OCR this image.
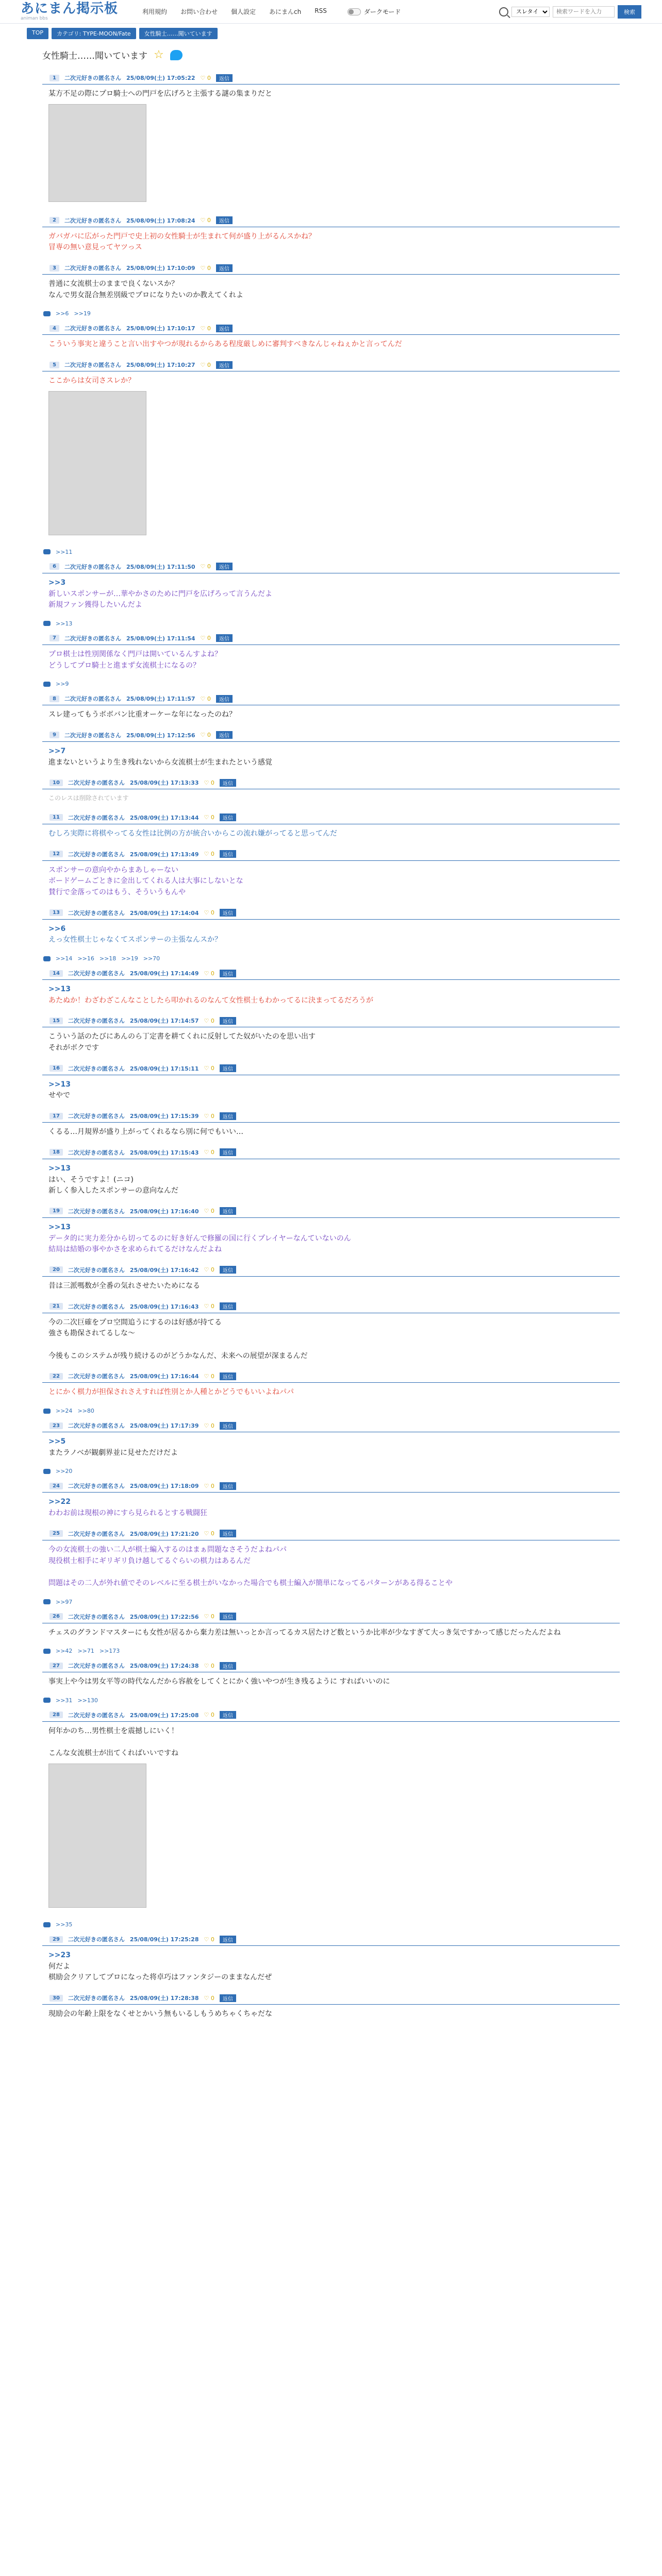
あにまん掲示板
animan bbs
利用規約 お問い合わせ 個人設定 あにまんch RSS	ダークモード
スレタイ
検索ワードを入力	検索
TOP	カテゴリ: TYPE-MOON/Fate	女性騎士……聞いています
女性騎士……聞いています ☆
1	二次元好きの匿名さん 25/08/09(土) 17:05:22 ♡ 0	返信
某方不足の際にプロ騎士への門戸を広げろと主張する謎の集まりだと
2	二次元好きの匿名さん 25/08/09(土) 17:08:24 ♡ 0	返信
ガバガバに広がった門戸で史上初の女性騎士が生まれて何が盛り上がるんスかね？
冒専の無い意見ってヤツっス
3	二次元好きの匿名さん 25/08/09(土) 17:10:09 ♡ 0	返信
普通に女流棋士のままで良くないスか？
なんで男女混合無差別級でプロになりたいのか教えてくれよ
>>6 >>19
4	二次元好きの匿名さん 25/08/09(土) 17:10:17 ♡ 0	返信
こういう事実と違うこと言い出すやつが現れるからある程度厳しめに審判すべきなんじゃねぇかと言ってんだ
5	二次元好きの匿名さん 25/08/09(土) 17:10:27 ♡ 0	返信
ここからは女司さスレか？
>>11
6	二次元好きの匿名さん 25/08/09(土) 17:11:50 ♡ 0	返信
>>3
新しいスポンサーが…華やかさのために門戸を広げろって言うんだよ
新規ファン獲得したいんだよ
>>13
7	二次元好きの匿名さん 25/08/09(土) 17:11:54 ♡ 0	返信
プロ棋士は性別関係なく門戸は開いているんすよね？
どうしてプロ騎士と進まず女流棋士になるの？
>>9
8	二次元好きの匿名さん 25/08/09(土) 17:11:57 ♡ 0	返信
スレ建ってもうボボバン比重オーケーな年になったのね？
9	二次元好きの匿名さん 25/08/09(土) 17:12:56 ♡ 0	返信
>>7
進まないというより生き残れないから女流棋士が生まれたという感覚
10	二次元好きの匿名さん 25/08/09(土) 17:13:33 ♡ 0	返信
このレスは削除されています
11	二次元好きの匿名さん 25/08/09(土) 17:13:44 ♡ 0	返信
むしろ実際に将棋やってる女性は比例の方が統合いからこの流れ嫌がってると思ってんだ
12	二次元好きの匿名さん 25/08/09(土) 17:13:49 ♡ 0	返信
スポンサーの意向やからまあしゃーない
ボードゲームごときに金出してくれる人は大事にしないとな
賛行で金落ってのはもう、そういうもんや
13	二次元好きの匿名さん 25/08/09(土) 17:14:04 ♡ 0	返信
>>6
えっ女性棋士じゃなくてスポンサーの主張なんスか？
>>14 >>16 >>18 >>19 >>70
14	二次元好きの匿名さん 25/08/09(土) 17:14:49 ♡ 0	返信
>>13
あたぬか！わざわざこんなことしたら叩かれるのなんて女性棋士もわかってるに決まってるだろうが
15	二次元好きの匿名さん 25/08/09(土) 17:14:57 ♡ 0	返信
こういう話のたびにあんのら丁定書を耕てくれに反射してた奴がいたのを思い出す
それがボクです
16	二次元好きの匿名さん 25/08/09(土) 17:15:11 ♡ 0	返信
>>13
せやで
17	二次元好きの匿名さん 25/08/09(土) 17:15:39 ♡ 0	返信
くるる…月規界が盛り上がってくれるなら別に何でもいい…
18	二次元好きの匿名さん 25/08/09(土) 17:15:43 ♡ 0	返信
>>13
はい、そうですよ！(ニコ)
新しく参入したスポンサーの意向なんだ
19	二次元好きの匿名さん 25/08/09(土) 17:16:40 ♡ 0	返信
>>13
データ的に実力差分から切ってるのに好き好んで修羅の国に行くプレイヤーなんていないのん
結局は結婚の事やかさを求められてるだけなんだよね
20	二次元好きの匿名さん 25/08/09(土) 17:16:42 ♡ 0	返信
昔は三派嗎数が全番の気れさせたいためになる
21	二次元好きの匿名さん 25/08/09(土) 17:16:43 ♡ 0	返信
今の二次巨確をプロ空間追うにするのは好感が持てる
強さも勘保されてるしな〜

今後もこのシステムが残り続けるのがどうかなんだ、未来への展望が深まるんだ
22	二次元好きの匿名さん 25/08/09(土) 17:16:44 ♡ 0	返信
とにかく棋力が担保されさえすれば性別とか人種とかどうでもいいよねパパ
>>24 >>80
23	二次元好きの匿名さん 25/08/09(土) 17:17:39 ♡ 0	返信
>>5
またラノベが観劇界並に見せただけだよ
>>20
24	二次元好きの匿名さん 25/08/09(土) 17:18:09 ♡ 0	返信
>>22
わわお前は現根の神にすら見られるとする戦闘狂
25	二次元好きの匿名さん 25/08/09(土) 17:21:20 ♡ 0	返信
今の女流棋士の強い二人が棋士編入するのはまぁ問題なさそうだよねパパ
現役棋士相手にギリギリ負け越してるぐらいの棋力はあるんだ

問題はその二人が外れ値でそのレベルに至る棋士がいなかった場合でも棋士編入が簡単になってるパターンがある得ることや
>>97
26	二次元好きの匿名さん 25/08/09(土) 17:22:56 ♡ 0	返信
チェスのグランドマスターにも女性が居るから棄力差は無いっとか言ってるカス居たけど数というか比率が少なすぎて大っき気ですかって感じだったんだよね
>>42 >>71 >>173
27	二次元好きの匿名さん 25/08/09(土) 17:24:38 ♡ 0	返信
事実上や今は男女平等の時代なんだから容赦をしてくとにかく強いやつが生き残るように すればいいのに
>>31 >>130
28	二次元好きの匿名さん 25/08/09(土) 17:25:08 ♡ 0	返信
何年かのち…男性棋士を震撼しにいく！

こんな女流棋士が出てくればいいですね
>>35
29	二次元好きの匿名さん 25/08/09(土) 17:25:28 ♡ 0	返信
>>23
何だよ
棋励会クリアしてプロになった将卓巧はファンタジーのままなんだぜ
30	二次元好きの匿名さん 25/08/09(土) 17:28:38 ♡ 0	返信
現励会の年齢上限をなくせとかいう無もいるしもうめちゃくちゃだな
